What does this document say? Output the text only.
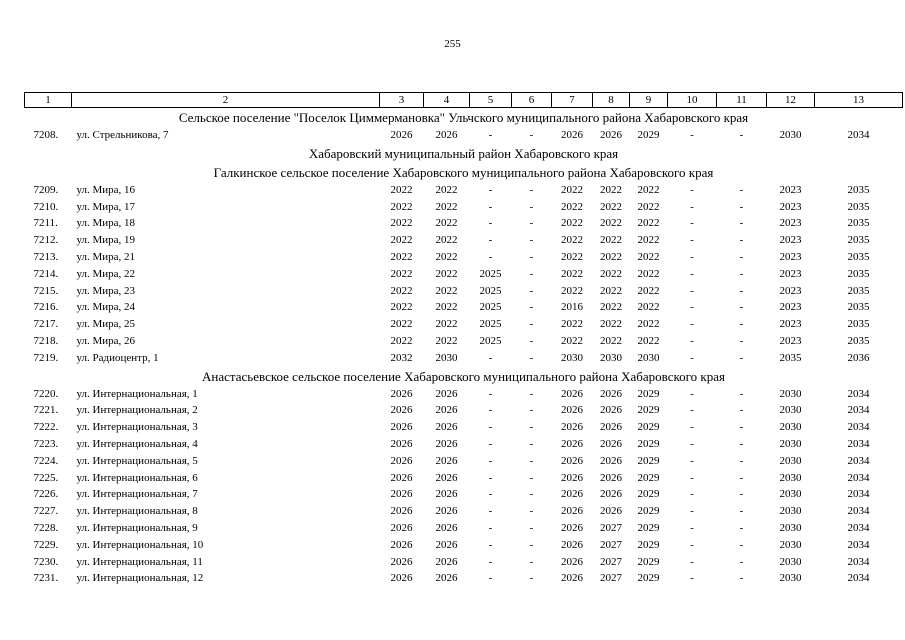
255
1	2	3	4	5	6	7	8	9	10	11	12	13
Сельское поселение "Поселок Циммермановка" Ульчского муниципального района Хабаровского края												
7208.	ул. Стрельникова, 7	2026	2026	-	-	2026	2026	2029	-	-	2030	2034
Хабаровский муниципальный район Хабаровского края												
Галкинское сельское поселение Хабаровского муниципального района Хабаровского края												
7209.	ул. Мира, 16	2022	2022	-	-	2022	2022	2022	-	-	2023	2035
7210.	ул. Мира, 17	2022	2022	-	-	2022	2022	2022	-	-	2023	2035
7211.	ул. Мира, 18	2022	2022	-	-	2022	2022	2022	-	-	2023	2035
7212.	ул. Мира, 19	2022	2022	-	-	2022	2022	2022	-	-	2023	2035
7213.	ул. Мира, 21	2022	2022	-	-	2022	2022	2022	-	-	2023	2035
7214.	ул. Мира, 22	2022	2022	2025	-	2022	2022	2022	-	-	2023	2035
7215.	ул. Мира, 23	2022	2022	2025	-	2022	2022	2022	-	-	2023	2035
7216.	ул. Мира, 24	2022	2022	2025	-	2016	2022	2022	-	-	2023	2035
7217.	ул. Мира, 25	2022	2022	2025	-	2022	2022	2022	-	-	2023	2035
7218.	ул. Мира, 26	2022	2022	2025	-	2022	2022	2022	-	-	2023	2035
7219.	ул. Радиоцентр, 1	2032	2030	-	-	2030	2030	2030	-	-	2035	2036
Анастасьевское сельское поселение Хабаровского муниципального района Хабаровского края												
7220.	ул. Интернациональная, 1	2026	2026	-	-	2026	2026	2029	-	-	2030	2034
7221.	ул. Интернациональная, 2	2026	2026	-	-	2026	2026	2029	-	-	2030	2034
7222.	ул. Интернациональная, 3	2026	2026	-	-	2026	2026	2029	-	-	2030	2034
7223.	ул. Интернациональная, 4	2026	2026	-	-	2026	2026	2029	-	-	2030	2034
7224.	ул. Интернациональная, 5	2026	2026	-	-	2026	2026	2029	-	-	2030	2034
7225.	ул. Интернациональная, 6	2026	2026	-	-	2026	2026	2029	-	-	2030	2034
7226.	ул. Интернациональная, 7	2026	2026	-	-	2026	2026	2029	-	-	2030	2034
7227.	ул. Интернациональная, 8	2026	2026	-	-	2026	2026	2029	-	-	2030	2034
7228.	ул. Интернациональная, 9	2026	2026	-	-	2026	2027	2029	-	-	2030	2034
7229.	ул. Интернациональная, 10	2026	2026	-	-	2026	2027	2029	-	-	2030	2034
7230.	ул. Интернациональная, 11	2026	2026	-	-	2026	2027	2029	-	-	2030	2034
7231.	ул. Интернациональная, 12	2026	2026	-	-	2026	2027	2029	-	-	2030	2034
